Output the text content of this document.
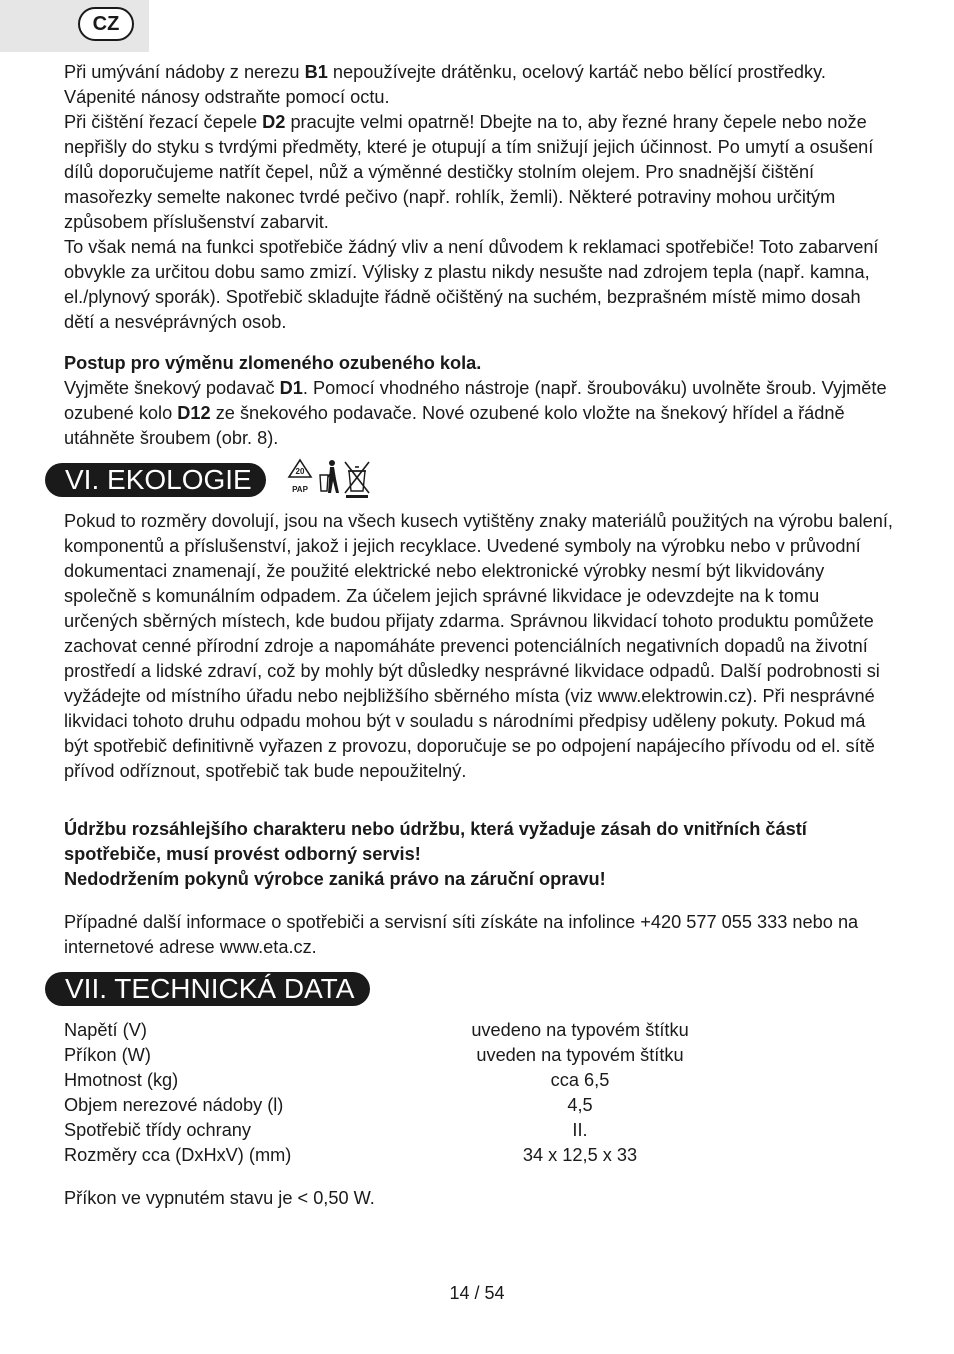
CZ

Při umývání nádoby z nerezu B1 nepoužívejte drátěnku, ocelový kartáč nebo bělící prostředky. Vápenité nánosy odstraňte pomocí octu.

Při čištění řezací čepele D2 pracujte velmi opatrně! Dbejte na to, aby řezné hrany čepele nebo nože nepřišly do styku s tvrdými předměty, které je otupují a tím snižují jejich účinnost. Po umytí a osušení dílů doporučujeme natřít čepel, nůž a výměnné destičky stolním olejem. Pro snadnější čištění masořezky semelte nakonec tvrdé pečivo (např. rohlík, žemli). Některé potraviny mohou určitým způsobem příslušenství zabarvit.

To však nemá na funkci spotřebiče žádný vliv a není důvodem k reklamaci spotřebiče! Toto zabarvení obvykle za určitou dobu samo zmizí. Výlisky z plastu nikdy nesušte nad zdrojem tepla (např. kamna, el./plynový sporák). Spotřebič skladujte řádně očištěný na suchém, bezprašném místě mimo dosah dětí a nesvéprávných osob.

Postup pro výměnu zlomeného ozubeného kola.

Vyjměte šnekový podavač D1. Pomocí vhodného nástroje (např. šroubováku) uvolněte šroub. Vyjměte ozubené kolo D12 ze šnekového podavače. Nové ozubené kolo vložte na šnekový hřídel a řádně utáhněte šroubem (obr. 8).

VI. EKOLOGIE	20
PAP

Pokud to rozměry dovolují, jsou na všech kusech vytištěny znaky materiálů použitých na výrobu balení, komponentů a příslušenství, jakož i jejich recyklace. Uvedené symboly na výrobku nebo v průvodní dokumentaci znamenají, že použité elektrické nebo elektronické výrobky nesmí být likvidovány společně s komunálním odpadem. Za účelem jejich správné likvidace je odevzdejte na k tomu určených sběrných místech, kde budou přijaty zdarma. Správnou likvidací tohoto produktu pomůžete zachovat cenné přírodní zdroje a napomáháte prevenci potenciálních negativních dopadů na životní prostředí a lidské zdraví, což by mohly být důsledky nesprávné likvidace odpadů. Další podrobnosti si vyžádejte od místního úřadu nebo nejbližšího sběrného místa (viz www.elektrowin.cz). Při nesprávné likvidaci tohoto druhu odpadu mohou být v souladu s národními předpisy uděleny pokuty. Pokud má být spotřebič definitivně vyřazen z provozu, doporučuje se po odpojení napájecího přívodu od el. sítě přívod odříznout, spotřebič tak bude nepoužitelný.

Údržbu rozsáhlejšího charakteru nebo údržbu, která vyžaduje zásah do vnitřních částí spotřebiče, musí provést odborný servis!

Nedodržením pokynů výrobce zaniká právo na záruční opravu!

Případné další informace o spotřebiči a servisní síti získáte na infolince +420 577 055 333 nebo na internetové adrese www.eta.cz.

VII. TECHNICKÁ DATA
Napětí (V)	uvedeno na typovém štítku
Příkon (W)	uveden na typovém štítku
Hmotnost (kg)	cca 6,5
Objem nerezové nádoby (l)	4,5
Spotřebič třídy ochrany	II.
Rozměry cca (DxHxV) (mm)	34 x 12,5 x 33

Příkon ve vypnutém stavu je < 0,50 W.

14 / 54
